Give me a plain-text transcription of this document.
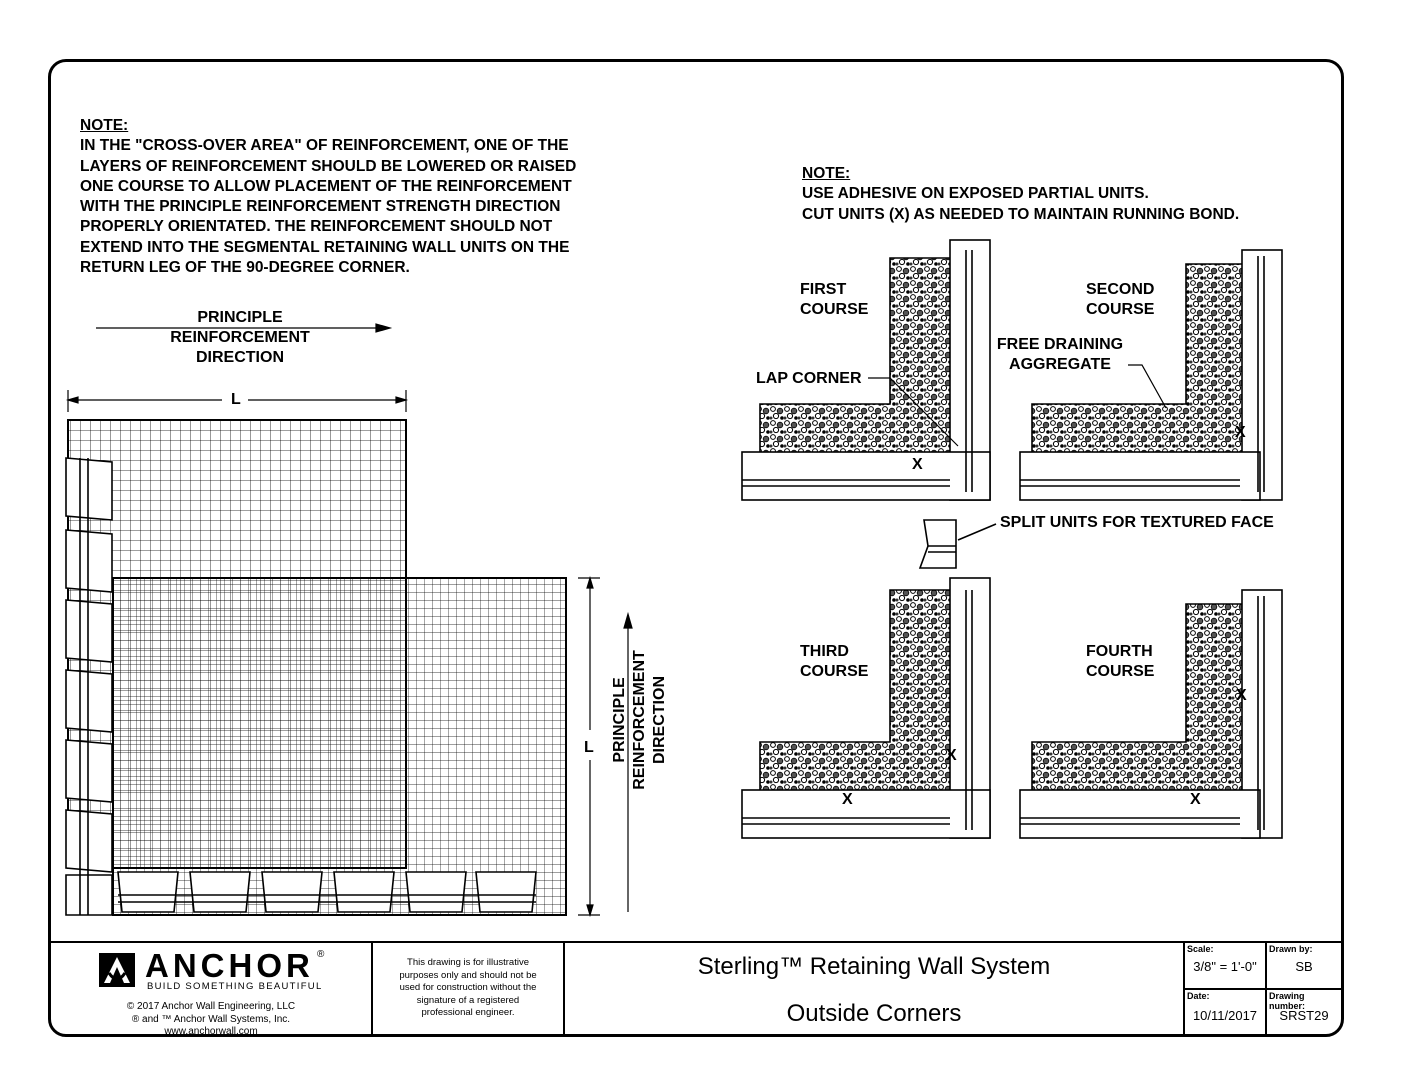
NOTE:
IN THE "CROSS-OVER AREA" OF REINFORCEMENT, ONE OF THE
LAYERS OF REINFORCEMENT SHOULD BE LOWERED OR RAISED
ONE COURSE TO ALLOW PLACEMENT OF THE REINFORCEMENT
WITH THE PRINCIPLE REINFORCEMENT STRENGTH DIRECTION
PROPERLY ORIENTATED. THE REINFORCEMENT SHOULD NOT
EXTEND INTO THE SEGMENTAL RETAINING WALL UNITS ON THE
RETURN LEG OF THE 90-DEGREE CORNER.
NOTE:
USE ADHESIVE ON EXPOSED PARTIAL UNITS.
CUT UNITS (X) AS NEEDED TO MAINTAIN RUNNING BOND.
PRINCIPLE
REINFORCEMENT
DIRECTION
PRINCIPLE REINFORCEMENT DIRECTION
L
L
FIRST
COURSE
SECOND
COURSE
THIRD
COURSE
FOURTH
COURSE
LAP CORNER
FREE DRAINING
AGGREGATE
SPLIT UNITS FOR TEXTURED FACE
X
X
X
X
X
X
ANCHOR ®
BUILD SOMETHING BEAUTIFUL
© 2017 Anchor Wall Engineering, LLC
® and ™ Anchor Wall Systems, Inc.
www.anchorwall.com
This drawing is for illustrative
purposes only and should not be
used for construction without the
signature of a registered
professional engineer.
Sterling™ Retaining Wall System
Outside Corners
Scale:
3/8" = 1'-0"
Drawn by:
SB
Date:
10/11/2017
Drawing number:
SRST29
